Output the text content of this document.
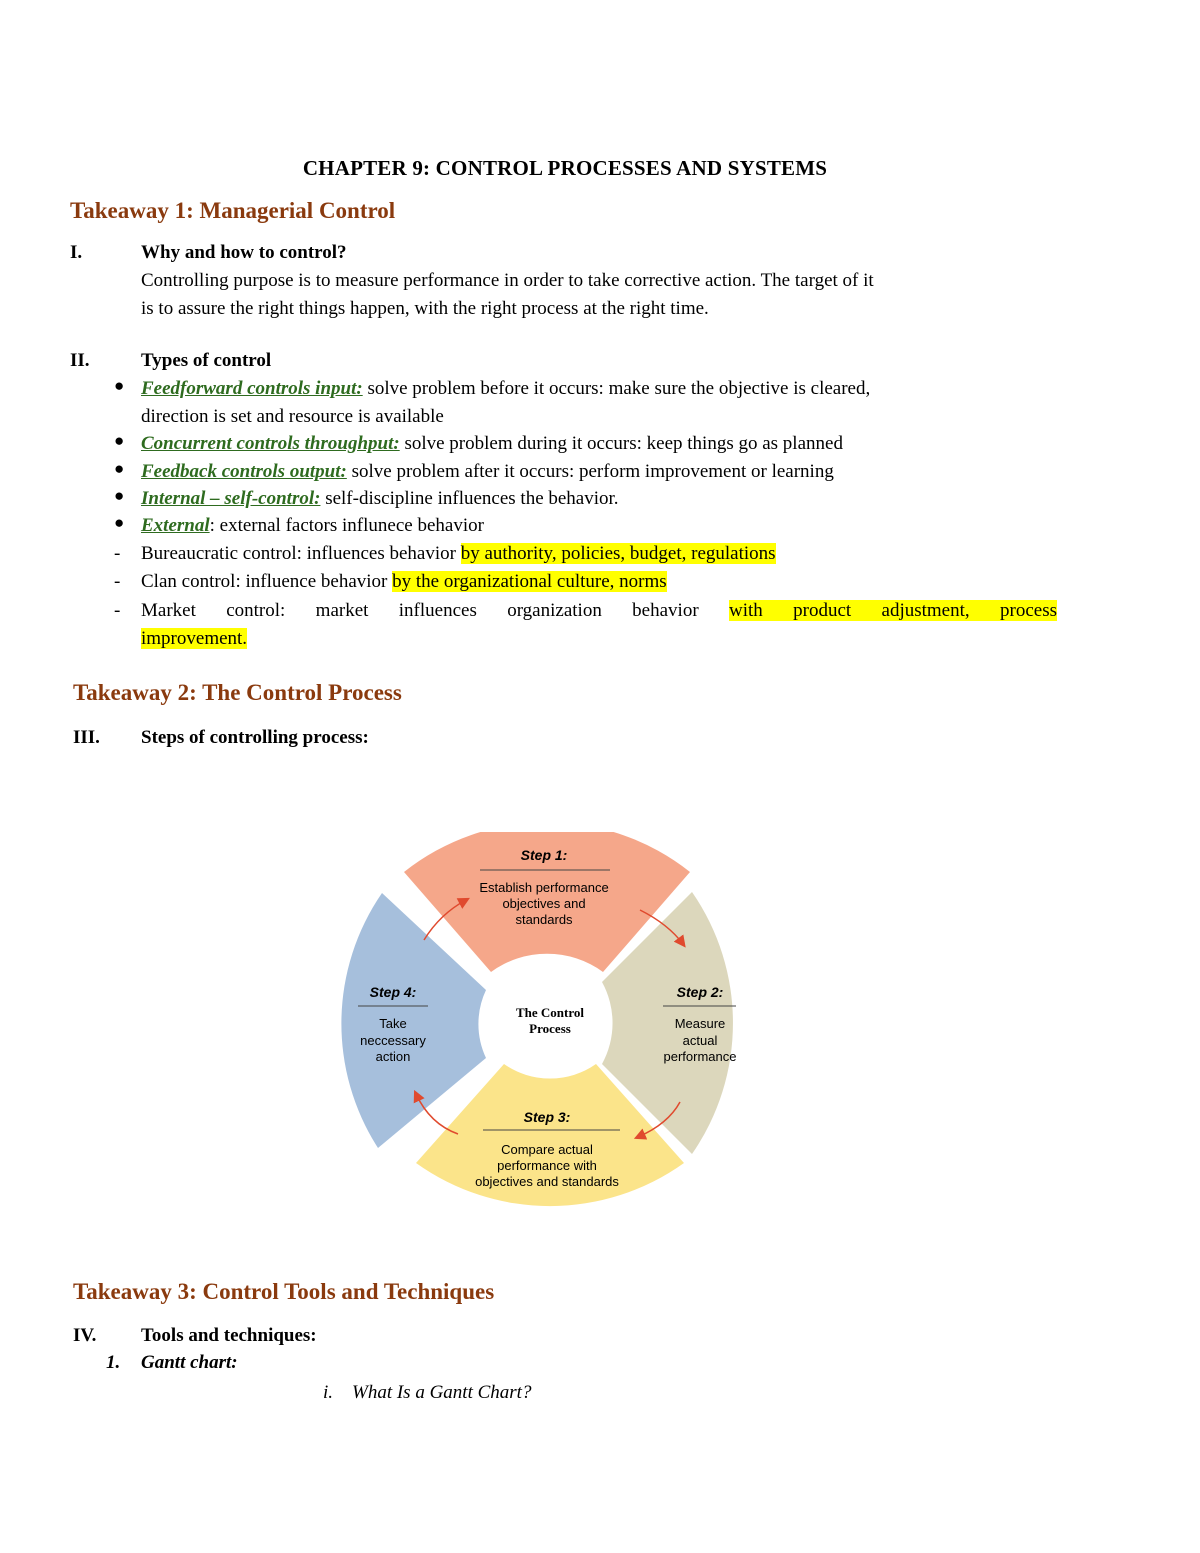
CHAPTER 9: CONTROL PROCESSES AND SYSTEMS
Takeaway 1: Managerial Control
I.	Why and how to control?
Controlling purpose is to measure performance in order to take corrective action. The target of it
is to assure the right things happen, with the right process at the right time.
II.	Types of control
● Feedforward controls input: solve problem before it occurs: make sure the objective is cleared,
direction is set and resource is available
● Concurrent controls throughput: solve problem during it occurs: keep things go as planned
● Feedback controls output: solve problem after it occurs: perform improvement or learning
● Internal – self-control: self-discipline influences the behavior.
● External: external factors influnece behavior
- Bureaucratic control: influences behavior by authority, policies, budget, regulations
- Clan control: influence behavior by the organizational culture, norms
- Market control: market influences organization behavior with product adjustment, process
improvement.
Takeaway 2: The Control Process
III. Steps of controlling process:
Step 1:
Establish performance
objectives and
standards
Step 2:
Measure
actual
performance
Step 3:
Compare actual
performance with
objectives and standards
Step 4:
Take
neccessary
action
The Control
Process
Takeaway 3: Control Tools and Techniques
IV. Tools and techniques:
1. Gantt chart:
i. What Is a Gantt Chart?
